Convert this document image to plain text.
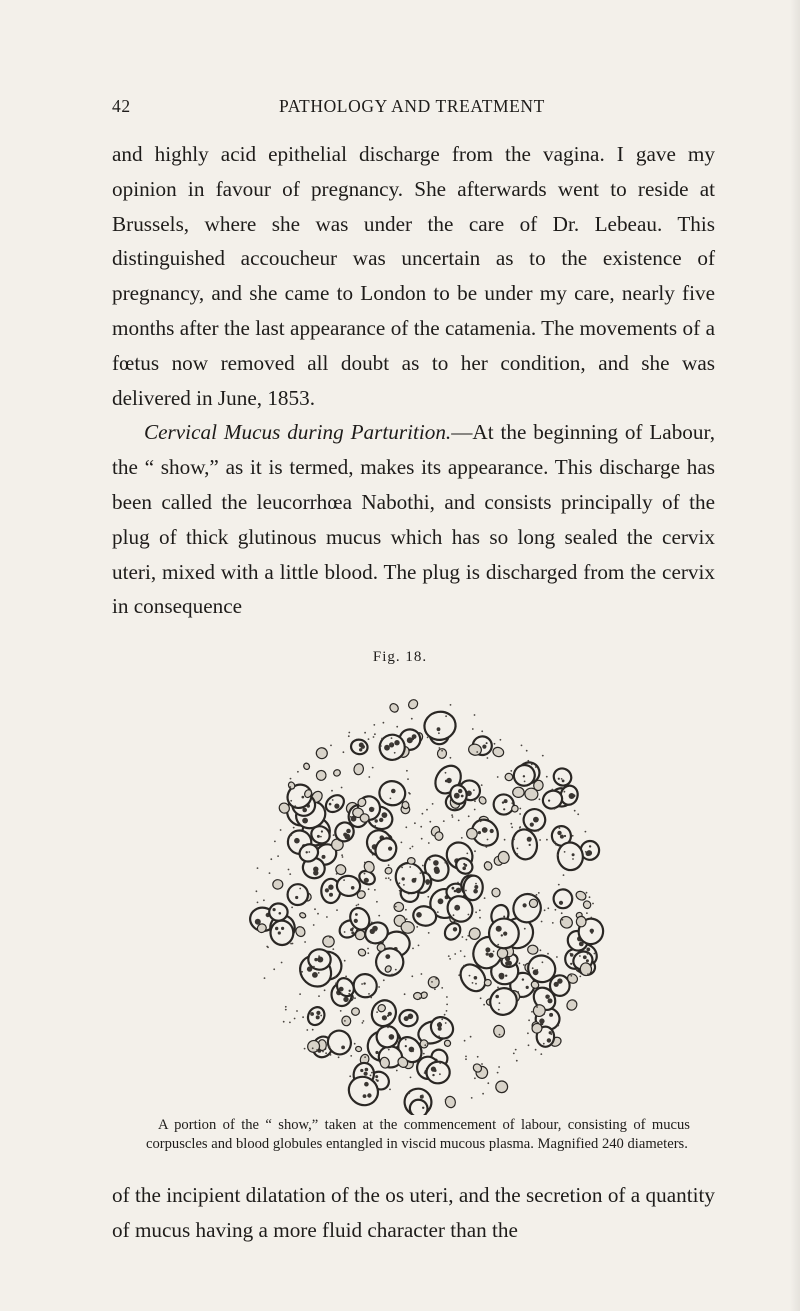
42	PATHOLOGY AND TREATMENT

and highly acid epithelial discharge from the vagina. I gave my opinion in favour of pregnancy. She afterwards went to reside at Brussels, where she was under the care of Dr. Lebeau. This distinguished accoucheur was uncertain as to the existence of pregnancy, and she came to London to be under my care, nearly five months after the last appearance of the catamenia. The movements of a fœtus now removed all doubt as to her condition, and she was delivered in June, 1853.

Cervical Mucus during Parturition.—At the beginning of Labour, the “ show,” as it is termed, makes its appearance. This discharge has been called the leucorrhœa Nabothi, and consists principally of the plug of thick glutinous mucus which has so long sealed the cervix uteri, mixed with a little blood. The plug is discharged from the cervix in consequence

Fig. 18.

A portion of the “ show,” taken at the commencement of labour, consisting of mucus corpuscles and blood globules entangled in viscid mucous plasma. Magnified 240 diameters.

of the incipient dilatation of the os uteri, and the secretion of a quantity of mucus having a more fluid character than the
